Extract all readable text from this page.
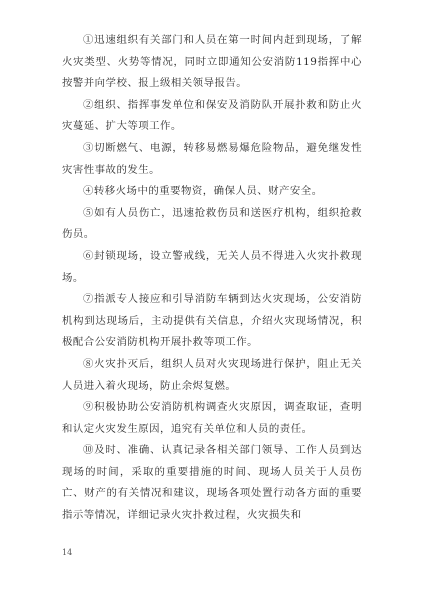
①迅速组织有关部门和人员在第一时间内赶到现场，了解火灾类型、火势等情况，同时立即通知公安消防119指挥中心按警并向学校、报上级相关领导报告。

②组织、指挥事发单位和保安及消防队开展扑救和防止火灾蔓延、扩大等项工作。

③切断燃气、电源，转移易燃易爆危险物品，避免继发性灾害性事故的发生。

④转移火场中的重要物资，确保人员、财产安全。

⑤如有人员伤亡，迅速抢救伤员和送医疗机构，组织抢救伤员。

⑥封锁现场，设立警戒线，无关人员不得进入火灾扑救现场。

⑦指派专人接应和引导消防车辆到达火灾现场，公安消防机构到达现场后，主动提供有关信息，介绍火灾现场情况，积极配合公安消防机构开展扑救等项工作。

⑧火灾扑灭后，组织人员对火灾现场进行保护，阻止无关人员进入着火现场，防止余烬复燃。

⑨积极协助公安消防机构调查火灾原因，调查取证，查明和认定火灾发生原因，追究有关单位和人员的责任。

⑩及时、准确、认真记录各相关部门领导、工作人员到达现场的时间，采取的重要措施的时间、现场人员关于人员伤亡、财产的有关情况和建议，现场各项处置行动各方面的重要指示等情况，详细记录火灾扑救过程，火灾损失和

14
